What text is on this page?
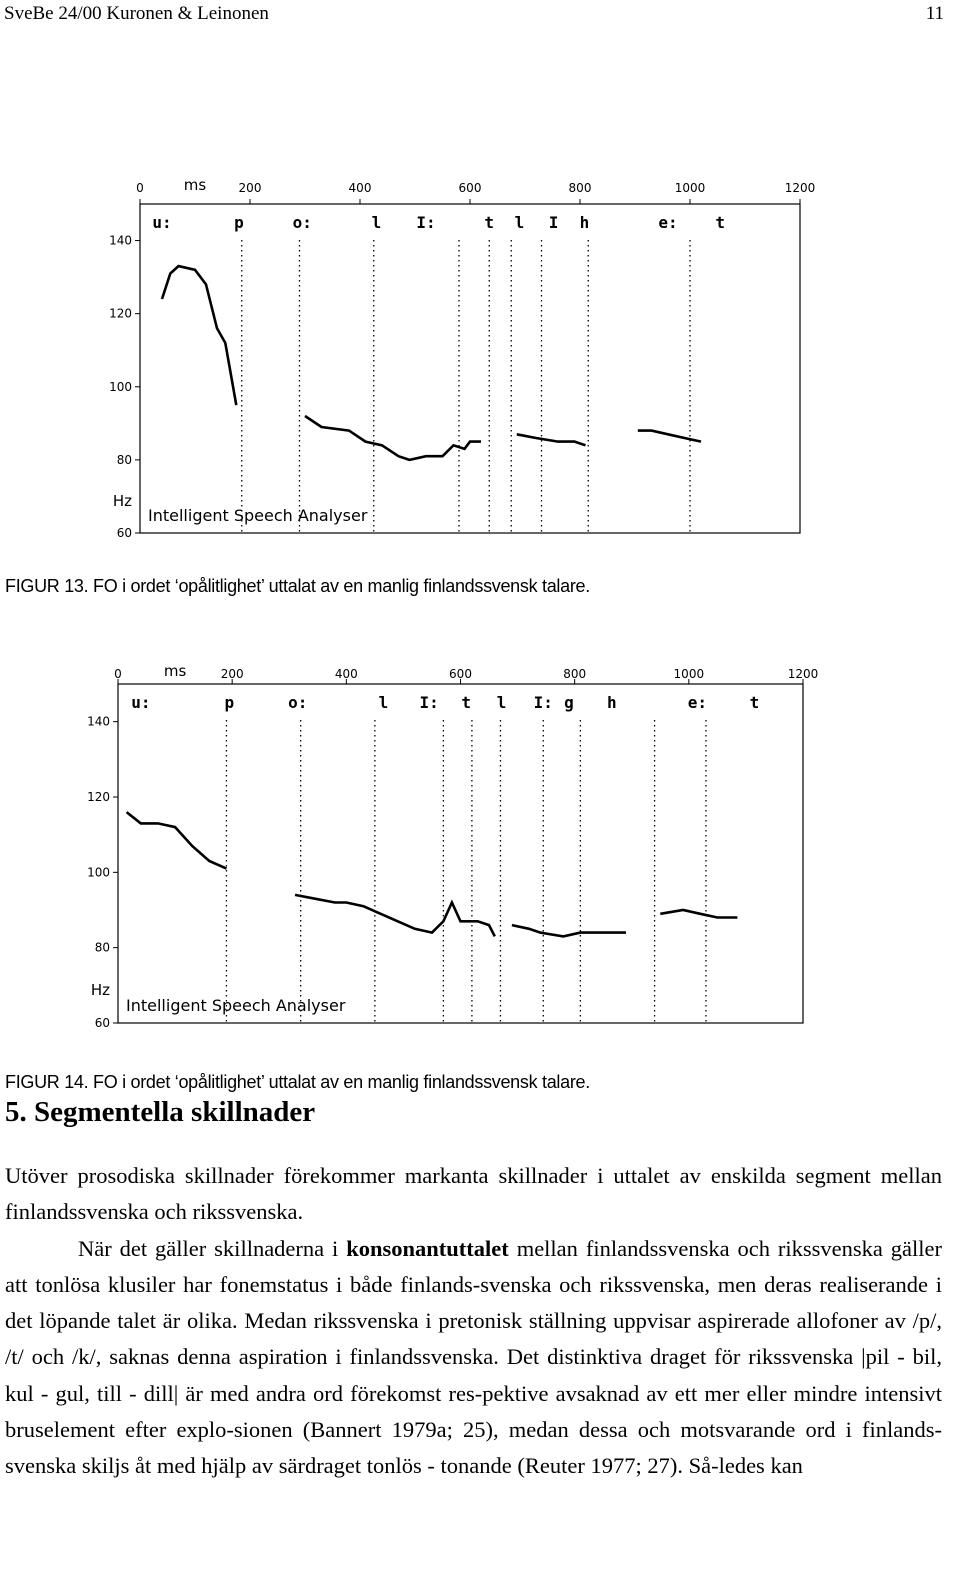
SveBe 24/00 Kuronen & Leinonen	11
0	200	400	600	800	1000	1200
ms
140
120
100
80
60
Hz
u:	p	o:	l I:	t l I h	e: t
Intelligent Speech Analyser
FIGUR 13. FO i ordet ‘opålitlighet’ uttalat av en manlig finlandssvensk talare.
0	200	400	600	800	1000	1200
ms
140
120
100
80
60
Hz
u:	p	o:	l I: t l I: g h	e:	t
Intelligent Speech Analyser
FIGUR 14. FO i ordet ‘opålitlighet’ uttalat av en manlig finlandssvensk talare.
5. Segmentella skillnader

Utöver prosodiska skillnader förekommer markanta skillnader i uttalet av enskilda segment mellan finlandssvenska och rikssvenska.

När det gäller skillnaderna i konsonantuttalet mellan finlandssvenska och rikssvenska gäller att tonlösa klusiler har fonemstatus i både finlands-svenska och rikssvenska, men deras realiserande i det löpande talet är olika. Medan rikssvenska i pretonisk ställning uppvisar aspirerade allofoner av /p/, /t/ och /k/, saknas denna aspiration i finlandssvenska. Det distinktiva draget för rikssvenska |pil - bil, kul - gul, till - dill| är med andra ord förekomst res-pektive avsaknad av ett mer eller mindre intensivt bruselement efter explo-sionen (Bannert 1979a; 25), medan dessa och motsvarande ord i finlands-svenska skiljs åt med hjälp av särdraget tonlös - tonande (Reuter 1977; 27). Så-ledes kan
